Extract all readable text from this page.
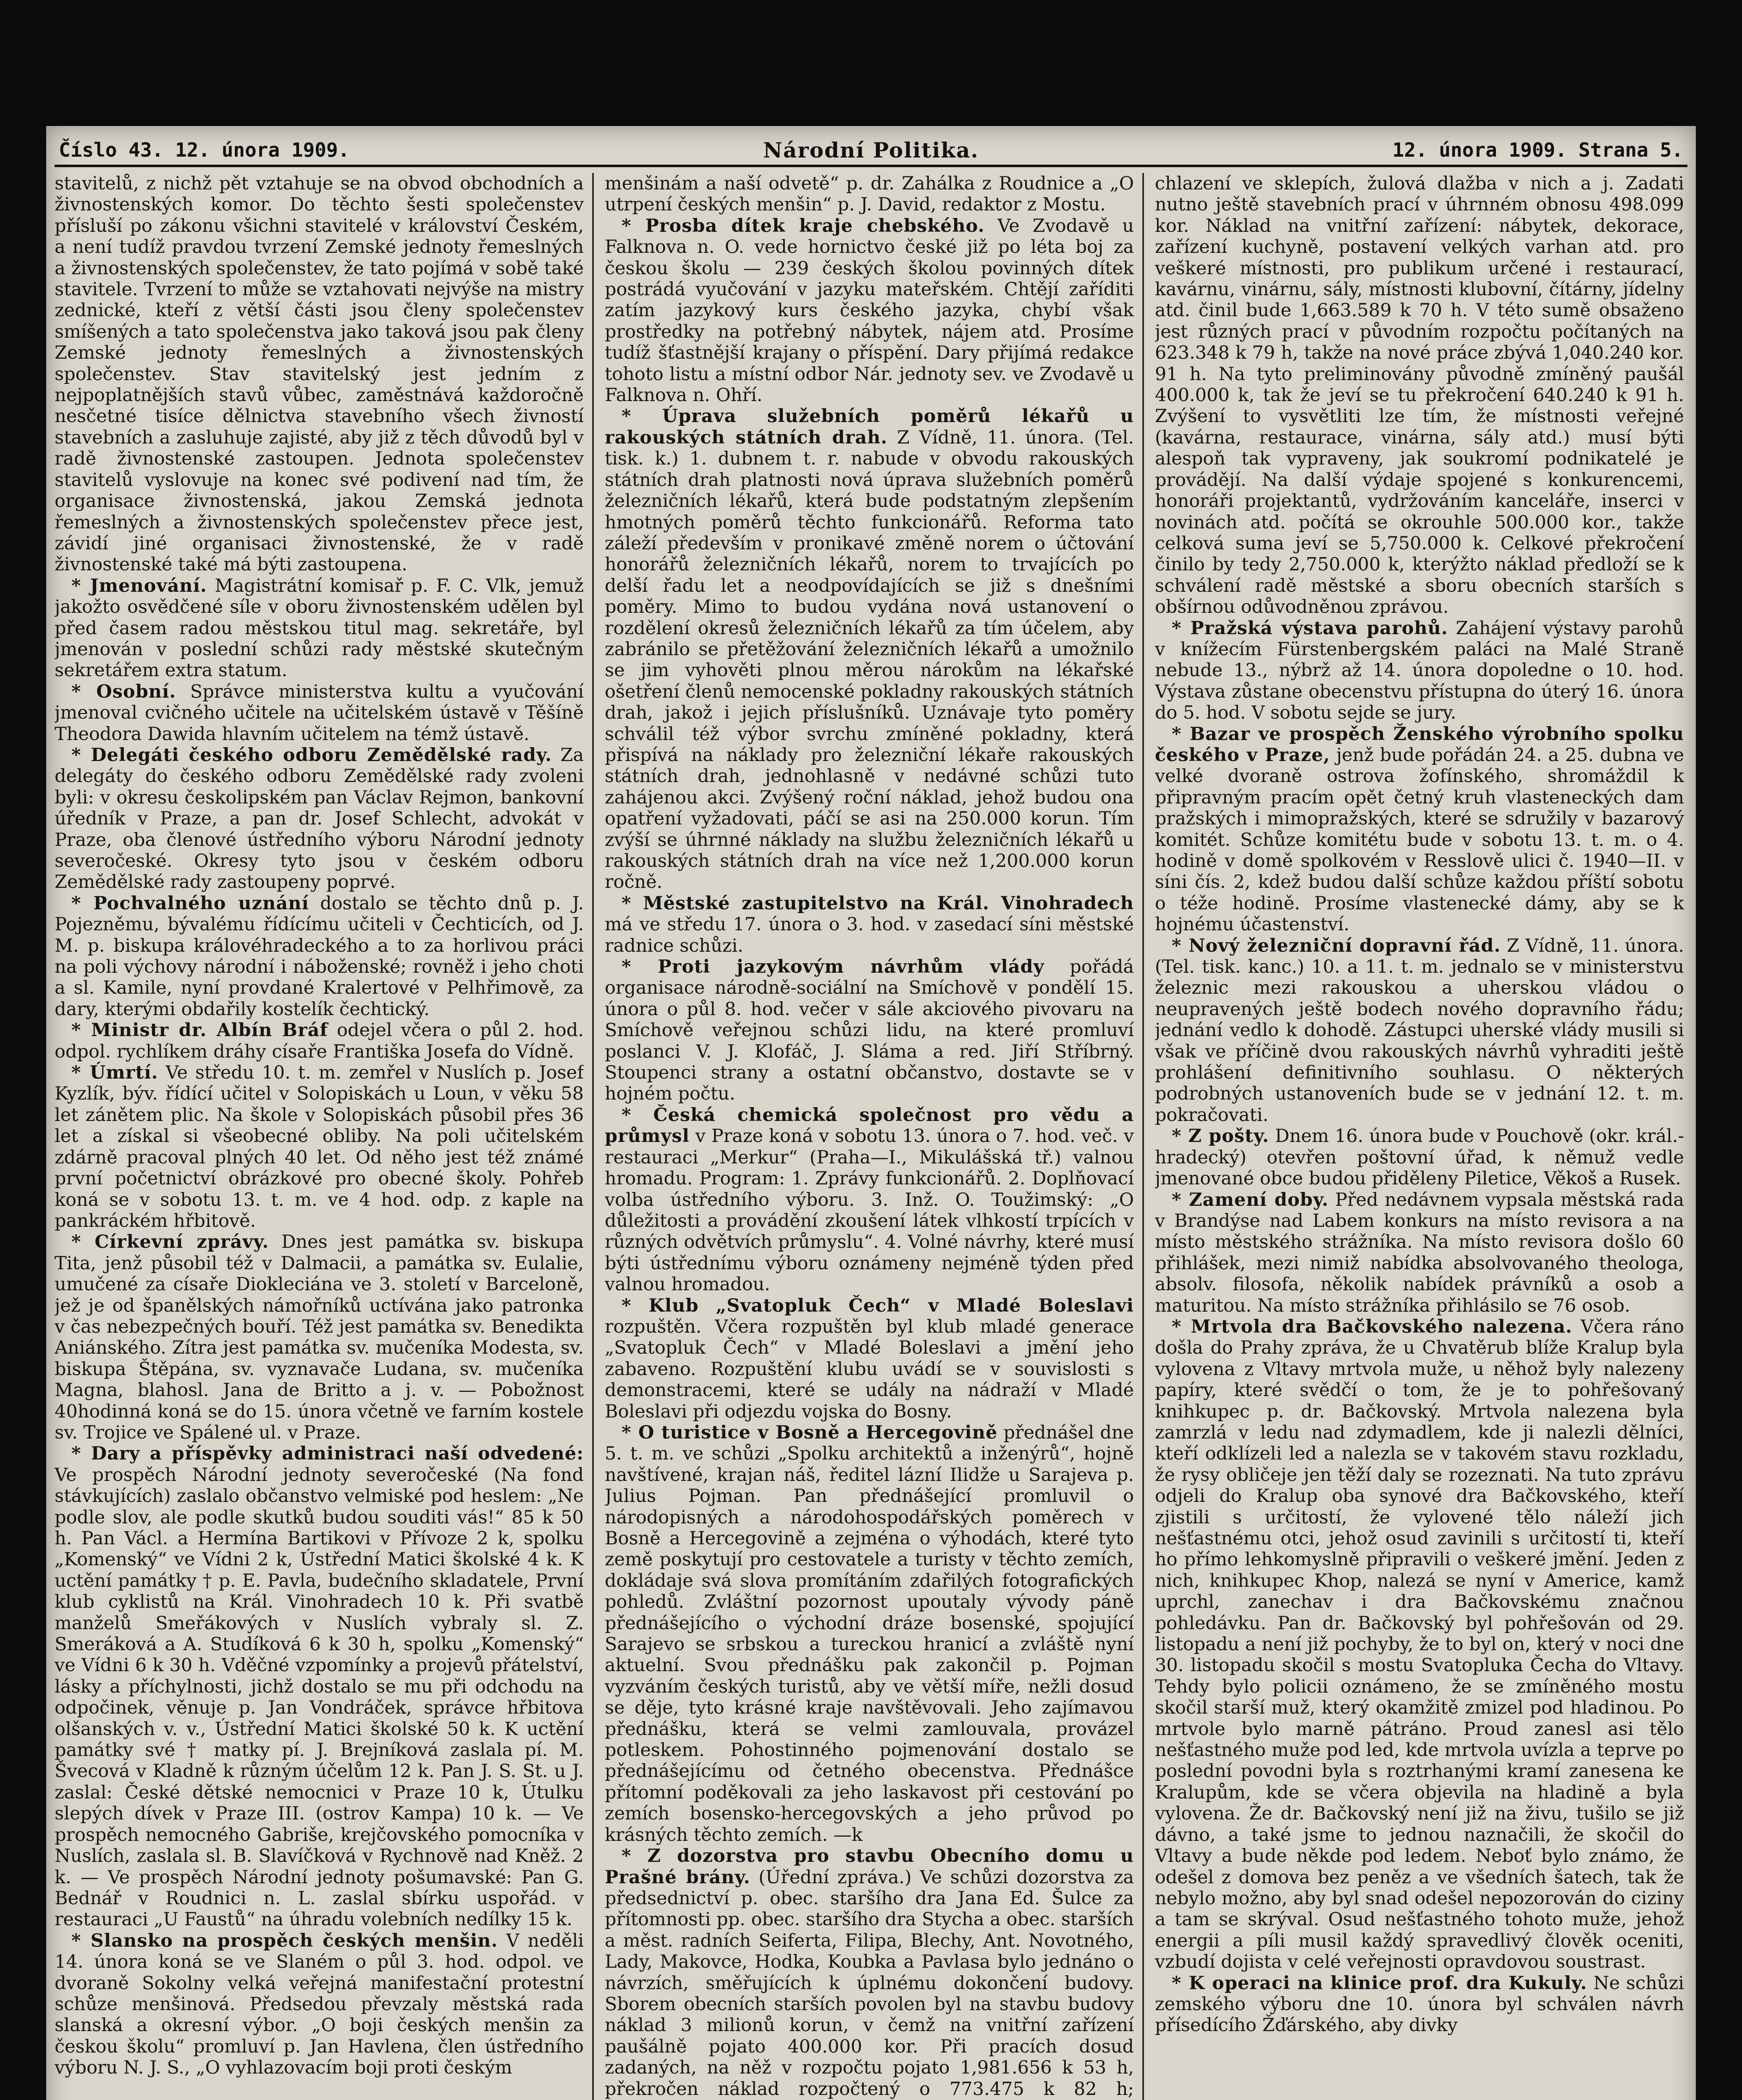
Číslo 43. 12. února 1909.	Národní Politika.	12. února 1909. Strana 5.

stavitelů, z nichž pět vztahuje se na obvod obchodních a živnostenských komor. Do těchto šesti společenstev přísluší po zákonu všichni stavitelé v království Českém, a není tudíž pravdou tvrzení Zemské jednoty řemeslných a živnostenských společenstev, že tato pojímá v sobě také stavitele. Tvrzení to může se vztahovati nejvýše na mistry zednické, kteří z větší části jsou členy společenstev smíšených a tato společenstva jako taková jsou pak členy Zemské jednoty řemeslných a živnostenských společenstev. Stav stavitelský jest jedním z nejpoplatnějších stavů vůbec, zaměstnává každoročně nesčetné tisíce dělnictva stavebního všech živností stavebních a zasluhuje zajisté, aby již z těch důvodů byl v radě živnostenské zastoupen. Jednota společenstev stavitelů vyslovuje na konec své podivení nad tím, že organisace živnostenská, jakou Zemská jednota řemeslných a živnostenských společenstev přece jest, závidí jiné organisaci živnostenské, že v radě živnostenské také má býti zastoupena.

* Jmenování. Magistrátní komisař p. F. C. Vlk, jemuž jakožto osvědčené síle v oboru živnostenském udělen byl před časem radou městskou titul mag. sekretáře, byl jmenován v poslední schůzi rady městské skutečným sekretářem extra statum.

* Osobní. Správce ministerstva kultu a vyučování jmenoval cvičného učitele na učitelském ústavě v Těšíně Theodora Dawida hlavním učitelem na témž ústavě.

* Delegáti českého odboru Zemědělské rady. Za delegáty do českého odboru Zemědělské rady zvoleni byli: v okresu českolipském pan Václav Rejmon, bankovní úředník v Praze, a pan dr. Josef Schlecht, advokát v Praze, oba členové ústředního výboru Národní jednoty severočeské. Okresy tyto jsou v českém odboru Zemědělské rady zastoupeny poprvé.

* Pochvalného uznání dostalo se těchto dnů p. J. Pojezněmu, bývalému řídícímu učiteli v Čechticích, od J. M. p. biskupa královéhradeckého a to za horlivou práci na poli výchovy národní i náboženské; rovněž i jeho choti a sl. Kamile, nyní provdané Kralertové v Pelhřimově, za dary, kterými obdařily kostelík čechtický.

* Ministr dr. Albín Bráf odejel včera o půl 2. hod. odpol. rychlíkem dráhy císaře Františka Josefa do Vídně.

* Úmrtí. Ve středu 10. t. m. zemřel v Nuslích p. Josef Kyzlík, býv. řídící učitel v Solopiskách u Loun, v věku 58 let zánětem plic. Na škole v Solopiskách působil přes 36 let a získal si všeobecné obliby. Na poli učitelském zdárně pracoval plných 40 let. Od něho jest též známé první početnictví obrázkové pro obecné školy. Pohřeb koná se v sobotu 13. t. m. ve 4 hod. odp. z kaple na pankráckém hřbitově.

* Církevní zprávy. Dnes jest památka sv. biskupa Tita, jenž působil též v Dalmacii, a památka sv. Eulalie, umučené za císaře Diokleciána ve 3. století v Barceloně, jež je od španělských námořníků uctívána jako patronka v čas nebezpečných bouří. Též jest památka sv. Benedikta Aniánského. Zítra jest památka sv. mučeníka Modesta, sv. biskupa Štěpána, sv. vyznavače Ludana, sv. mučeníka Magna, blahosl. Jana de Britto a j. v. — Pobožnost 40hodinná koná se do 15. února včetně ve farním kostele sv. Trojice ve Spálené ul. v Praze.

* Dary a příspěvky administraci naší odvedené: Ve prospěch Národní jednoty severočeské (Na fond stávkujících) zaslalo občanstvo velmiské pod heslem: „Ne podle slov, ale podle skutků budou souditi vás!“ 85 k 50 h. Pan Václ. a Hermína Bartikovi v Přívoze 2 k, spolku „Komenský“ ve Vídni 2 k, Ústřední Matici školské 4 k. K uctění památky † p. E. Pavla, budečního skladatele, První klub cyklistů na Král. Vinohradech 10 k. Při svatbě manželů Smeřákových v Nuslích vybraly sl. Z. Smeráková a A. Studíková 6 k 30 h, spolku „Komenský“ ve Vídni 6 k 30 h. Vděčné vzpomínky a projevů přátelství, lásky a příchylnosti, jichž dostalo se mu při odchodu na odpočinek, věnuje p. Jan Vondráček, správce hřbitova olšanských v. v., Ústřední Matici školské 50 k. K uctění památky své † matky pí. J. Brejníková zaslala pí. M. Švecová v Kladně k různým účelům 12 k. Pan J. S. St. u J. zaslal: České dětské nemocnici v Praze 10 k, Útulku slepých dívek v Praze III. (ostrov Kampa) 10 k. — Ve prospěch nemocného Gabriše, krejčovského pomocníka v Nuslích, zaslala sl. B. Slavíčková v Rychnově nad Kněž. 2 k. — Ve prospěch Národní jednoty pošumavské: Pan G. Bednář v Roudnici n. L. zaslal sbírku uspořád. v restauraci „U Faustů“ na úhradu volebních nedílky 15 k.

* Slansko na prospěch českých menšin. V neděli 14. února koná se ve Slaném o půl 3. hod. odpol. ve dvoraně Sokolny velká veřejná manifestační protestní schůze menšinová. Předsedou převzaly městská rada slanská a okresní výbor. „O boji českých menšin za českou školu“ promluví p. Jan Havlena, člen ústředního výboru N. J. S., „O vyhlazovacím boji proti českým

menšinám a naší odvetě“ p. dr. Zahálka z Roudnice a „O utrpení českých menšin“ p. J. David, redaktor z Mostu.

* Prosba dítek kraje chebského. Ve Zvodavě u Falknova n. O. vede hornictvo české již po léta boj za českou školu — 239 českých školou povinných dítek postrádá vyučování v jazyku mateřském. Chtějí zaříditi zatím jazykový kurs českého jazyka, chybí však prostředky na potřebný nábytek, nájem atd. Prosíme tudíž šťastnější krajany o příspění. Dary přijímá redakce tohoto listu a místní odbor Nár. jednoty sev. ve Zvodavě u Falknova n. Ohří.

* Úprava služebních poměrů lékařů u rakouských státních drah. Z Vídně, 11. února. (Tel. tisk. k.) 1. dubnem t. r. nabude v obvodu rakouských státních drah platnosti nová úprava služebních poměrů železničních lékařů, která bude podstatným zlepšením hmotných poměrů těchto funkcionářů. Reforma tato záleží především v pronikavé změně norem o účtování honorářů železničních lékařů, norem to trvajících po delší řadu let a neodpovídajících se již s dnešními poměry. Mimo to budou vydána nová ustanovení o rozdělení okresů železničních lékařů za tím účelem, aby zabránilo se přetěžování železničních lékařů a umožnilo se jim vyhověti plnou měrou nárokům na lékařské ošetření členů nemocenské pokladny rakouských státních drah, jakož i jejich příslušníků. Uznávaje tyto poměry schválil též výbor svrchu zmíněné pokladny, která přispívá na náklady pro železniční lékaře rakouských státních drah, jednohlasně v nedávné schůzi tuto zahájenou akci. Zvýšený roční náklad, jehož budou ona opatření vyžadovati, páčí se asi na 250.000 korun. Tím zvýší se úhrnné náklady na službu železničních lékařů u rakouských státních drah na více než 1,200.000 korun ročně.

* Městské zastupitelstvo na Král. Vinohradech má ve středu 17. února o 3. hod. v zasedací síni městské radnice schůzi.

* Proti jazykovým návrhům vlády pořádá organisace národně-sociální na Smíchově v pondělí 15. února o půl 8. hod. večer v sále akciového pivovaru na Smíchově veřejnou schůzi lidu, na které promluví poslanci V. J. Klofáč, J. Sláma a red. Jiří Stříbrný. Stoupenci strany a ostatní občanstvo, dostavte se v hojném počtu.

* Česká chemická společnost pro vědu a průmysl v Praze koná v sobotu 13. února o 7. hod. več. v restauraci „Merkur“ (Praha—I., Mikulášská tř.) valnou hromadu. Program: 1. Zprávy funkcionářů. 2. Doplňovací volba ústředního výboru. 3. Inž. O. Toužimský: „O důležitosti a provádění zkoušení látek vlhkostí trpících v různých odvětvích průmyslu“. 4. Volné návrhy, které musí býti ústřednímu výboru oznámeny nejméně týden před valnou hromadou.

* Klub „Svatopluk Čech“ v Mladé Boleslavi rozpuštěn. Včera rozpuštěn byl klub mladé generace „Svatopluk Čech“ v Mladé Boleslavi a jmění jeho zabaveno. Rozpuštění klubu uvádí se v souvislosti s demonstracemi, které se udály na nádraží v Mladé Boleslavi při odjezdu vojska do Bosny.

* O turistice v Bosně a Hercegovině přednášel dne 5. t. m. ve schůzi „Spolku architektů a inženýrů“, hojně navštívené, krajan náš, ředitel lázní Ilidže u Sarajeva p. Julius Pojman. Pan přednášející promluvil o národopisných a národohospodářských poměrech v Bosně a Hercegovině a zejména o výhodách, které tyto země poskytují pro cestovatele a turisty v těchto zemích, dokládaje svá slova promítáním zdařilých fotografických pohledů. Zvláštní pozornost upoutaly vývody páně přednášejícího o východní dráze bosenské, spojující Sarajevo se srbskou a tureckou hranicí a zvláště nyní aktuelní. Svou přednášku pak zakončil p. Pojman vyzváním českých turistů, aby ve větší míře, nežli dosud se děje, tyto krásné kraje navštěvovali. Jeho zajímavou přednášku, která se velmi zamlouvala, provázel potleskem. Pohostinného pojmenování dostalo se přednášejícímu od četného obecenstva. Přednášce přítomní poděkovali za jeho laskavost při cestování po zemích bosensko-hercegovských a jeho průvod po krásných těchto zemích. —k

* Z dozorstva pro stavbu Obecního domu u Prašné brány. (Úřední zpráva.) Ve schůzi dozorstva za předsednictví p. obec. staršího dra Jana Ed. Šulce za přítomnosti pp. obec. staršího dra Stycha a obec. starších a měst. radních Seiferta, Filipa, Blechy, Ant. Novotného, Lady, Makovce, Hodka, Koubka a Pavlasa bylo jednáno o návrzích, směřujících k úplnému dokončení budovy. Sborem obecních starších povolen byl na stavbu budovy náklad 3 milionů korun, v čemž na vnitřní zařízení paušálně pojato 400.000 kor. Při pracích dosud zadaných, na něž v rozpočtu pojato 1,981.656 k 53 h, překročen náklad rozpočtený o 773.475 k 82 h;

chlazení ve sklepích, žulová dlažba v nich a j. Zadati nutno ještě stavebních prací v úhrnném obnosu 498.099 kor. Náklad na vnitřní zařízení: nábytek, dekorace, zařízení kuchyně, postavení velkých varhan atd. pro veškeré místnosti, pro publikum určené i restaurací, kavárnu, vinárnu, sály, místnosti klubovní, čítárny, jídelny atd. činil bude 1,663.589 k 70 h. V této sumě obsaženo jest různých prací v původním rozpočtu počítaných na 623.348 k 79 h, takže na nové práce zbývá 1,040.240 kor. 91 h. Na tyto preliminovány původně zmíněný paušál 400.000 k, tak že jeví se tu překročení 640.240 k 91 h. Zvýšení to vysvětliti lze tím, že místnosti veřejné (kavárna, restaurace, vinárna, sály atd.) musí býti alespoň tak vypraveny, jak soukromí podnikatelé je provádějí. Na další výdaje spojené s konkurencemi, honoráři projektantů, vydržováním kanceláře, inserci v novinách atd. počítá se okrouhle 500.000 kor., takže celková suma jeví se 5,750.000 k. Celkové překročení činilo by tedy 2,750.000 k, kterýžto náklad předloží se k schválení radě městské a sboru obecních starších s obšírnou odůvodněnou zprávou.

* Pražská výstava parohů. Zahájení výstavy parohů v knížecím Fürstenbergském paláci na Malé Straně nebude 13., nýbrž až 14. února dopoledne o 10. hod. Výstava zůstane obecenstvu přístupna do úterý 16. února do 5. hod. V sobotu sejde se jury.

* Bazar ve prospěch Ženského výrobního spolku českého v Praze, jenž bude pořádán 24. a 25. dubna ve velké dvoraně ostrova žofínského, shromáždil k připravným pracím opět četný kruh vlasteneckých dam pražských i mimopražských, které se sdružily v bazarový komitét. Schůze komitétu bude v sobotu 13. t. m. o 4. hodině v domě spolkovém v Resslově ulici č. 1940—II. v síni čís. 2, kdež budou další schůze každou příští sobotu o téže hodině. Prosíme vlastenecké dámy, aby se k hojnému účastenství.

* Nový železniční dopravní řád. Z Vídně, 11. února. (Tel. tisk. kanc.) 10. a 11. t. m. jednalo se v ministerstvu železnic mezi rakouskou a uherskou vládou o neupravených ještě bodech nového dopravního řádu; jednání vedlo k dohodě. Zástupci uherské vlády musili si však ve příčině dvou rakouských návrhů vyhraditi ještě prohlášení definitivního souhlasu. O některých podrobných ustanoveních bude se v jednání 12. t. m. pokračovati.

* Z pošty. Dnem 16. února bude v Pouchově (okr. král.-hradecký) otevřen poštovní úřad, k němuž vedle jmenované obce budou přiděleny Piletice, Věkoš a Rusek.

* Zamení doby. Před nedávnem vypsala městská rada v Brandýse nad Labem konkurs na místo revisora a na místo městského strážníka. Na místo revisora došlo 60 přihlášek, mezi nimiž nabídka absolvovaného theologa, absolv. filosofa, několik nabídek právníků a osob a maturitou. Na místo strážníka přihlásilo se 76 osob.

* Mrtvola dra Bačkovského nalezena. Včera ráno došla do Prahy zpráva, že u Chvatěrub blíže Kralup byla vylovena z Vltavy mrtvola muže, u něhož byly nalezeny papíry, které svědčí o tom, že je to pohřešovaný knihkupec p. dr. Bačkovský. Mrtvola nalezena byla zamrzlá v ledu nad zdymadlem, kde ji nalezli dělníci, kteří odklízeli led a nalezla se v takovém stavu rozkladu, že rysy obličeje jen těží daly se rozeznati. Na tuto zprávu odjeli do Kralup oba synové dra Bačkovského, kteří zjistili s určitostí, že vylovené tělo náleží jich nešťastnému otci, jehož osud zavinili s určitostí ti, kteří ho přímo lehkomyslně připravili o veškeré jmění. Jeden z nich, knihkupec Khop, nalezá se nyní v Americe, kamž uprchl, zanechav i dra Bačkovskému značnou pohledávku. Pan dr. Bačkovský byl pohřešován od 29. listopadu a není již pochyby, že to byl on, který v noci dne 30. listopadu skočil s mostu Svatopluka Čecha do Vltavy. Tehdy bylo policii oznámeno, že se zmíněného mostu skočil starší muž, který okamžitě zmizel pod hladinou. Po mrtvole bylo marně pátráno. Proud zanesl asi tělo nešťastného muže pod led, kde mrtvola uvízla a teprve po poslední povodni byla s roztrhanými kramí zanesena ke Kralupům, kde se včera objevila na hladině a byla vylovena. Že dr. Bačkovský není již na živu, tušilo se již dávno, a také jsme to jednou naznačili, že skočil do Vltavy a bude někde pod ledem. Neboť bylo známo, že odešel z domova bez peněz a ve všedních šatech, tak že nebylo možno, aby byl snad odešel nepozorován do ciziny a tam se skrýval. Osud nešťastného tohoto muže, jehož energii a píli musil každý spravedlivý člověk oceniti, vzbudí dojista v celé veřejnosti opravdovou soustrast.

* K operaci na klinice prof. dra Kukuly. Ne schůzi zemského výboru dne 10. února byl schválen návrh přísedícího Žďárského, aby divky
